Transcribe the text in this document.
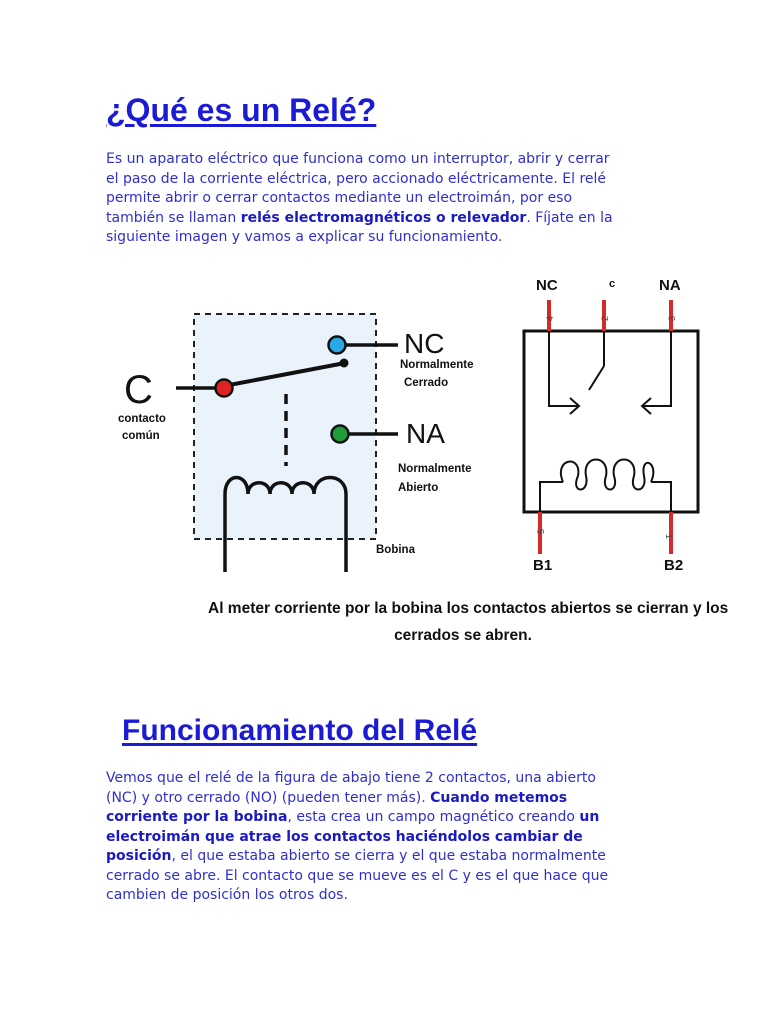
¿Qué es un Relé?

Es un aparato eléctrico que funciona como un interruptor, abrir y cerrar
el paso de la corriente eléctrica, pero accionado eléctricamente. El relé
permite abrir o cerrar contactos mediante un electroimán, por eso
también se llaman relés electromagnéticos o relevador. Fíjate en la
siguiente imagen y vamos a explicar su funcionamiento.

C
contacto
común
NC
Normalmente
Cerrado
NA
Normalmente
Abierto
Bobina
4	2	3
5
1
NC	c	NA
B1	B2
Al meter corriente por la bobina los contactos abiertos se cierran y los
cerrados se abren.
Funcionamiento del Relé

Vemos que el relé de la figura de abajo tiene 2 contactos, una abierto
(NC) y otro cerrado (NO) (pueden tener más). Cuando metemos
corriente por la bobina, esta crea un campo magnético creando un
electroimán que atrae los contactos haciéndolos cambiar de
posición, el que estaba abierto se cierra y el que estaba normalmente
cerrado se abre. El contacto que se mueve es el C y es el que hace que
cambien de posición los otros dos.
